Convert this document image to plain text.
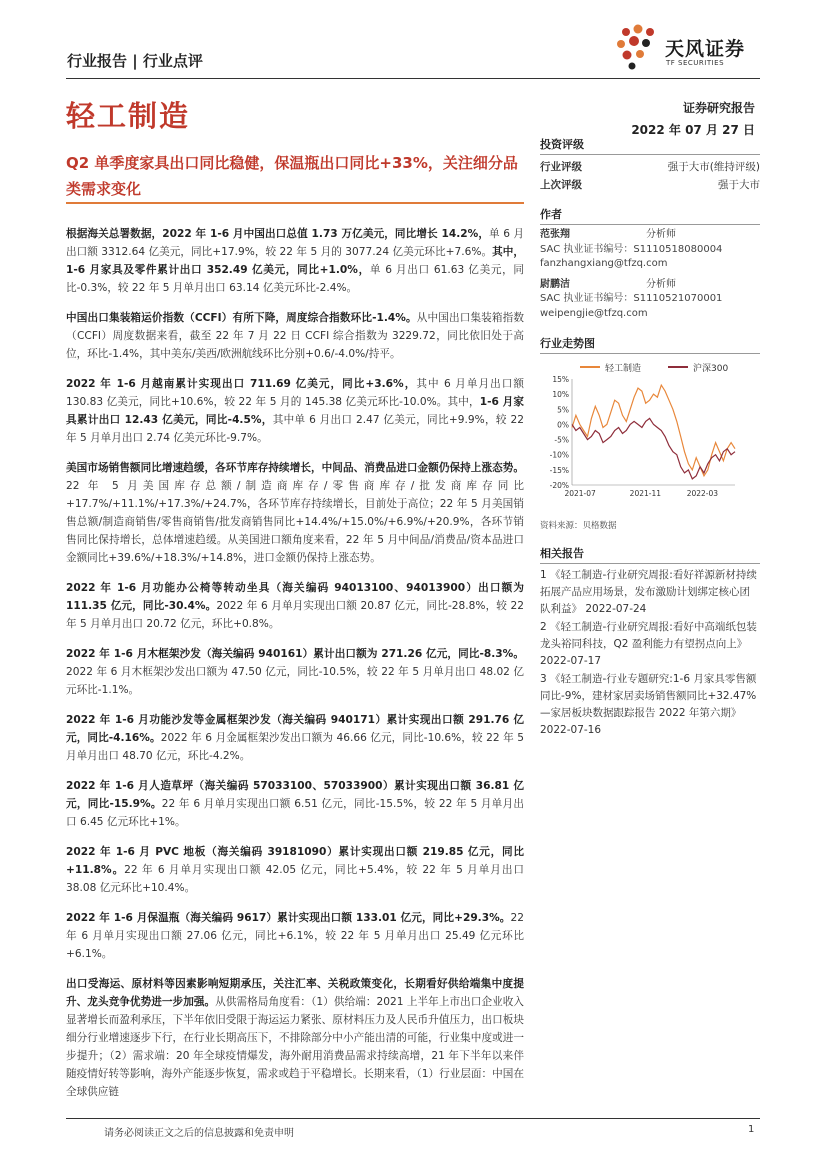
行业报告 | 行业点评
天风证券
TF SECURITIES
轻工制造	证券研究报告
2022 年 07 月 27 日
Q2 单季度家具出口同比稳健，保温瓶出口同比+33%，关注细分品类需求变化

根据海关总署数据，2022 年 1-6 月中国出口总值 1.73 万亿美元，同比增长 14.2%，单 6 月出口额 3312.64 亿美元，同比+17.9%，较 22 年 5 月的 3077.24 亿美元环比+7.6%。其中，1-6 月家具及零件累计出口 352.49 亿美元，同比+1.0%，单 6 月出口 61.63 亿美元，同比-0.3%，较 22 年 5 月单月出口 63.14 亿美元环比-2.4%。

中国出口集装箱运价指数（CCFI）有所下降，周度综合指数环比-1.4%。从中国出口集装箱指数（CCFI）周度数据来看，截至 22 年 7 月 22 日 CCFI 综合指数为 3229.72，同比依旧处于高位，环比-1.4%，其中美东/美西/欧洲航线环比分别+0.6/-4.0%/持平。

2022 年 1-6 月越南累计实现出口 711.69 亿美元，同比+3.6%，其中 6 月单月出口额 130.83 亿美元，同比+10.6%，较 22 年 5 月的 145.38 亿美元环比-10.0%。其中，1-6 月家具累计出口 12.43 亿美元，同比-4.5%，其中单 6 月出口 2.47 亿美元，同比+9.9%，较 22 年 5 月单月出口 2.74 亿美元环比-9.7%。

美国市场销售额同比增速趋缓，各环节库存持续增长，中间品、消费品进口金额仍保持上涨态势。22 年 5 月美国库存总额/制造商库存/零售商库存/批发商库存同比+17.7%/+11.1%/+17.3%/+24.7%，各环节库存持续增长，目前处于高位；22 年 5 月美国销售总额/制造商销售/零售商销售/批发商销售同比+14.4%/+15.0%/+6.9%/+20.9%，各环节销售同比保持增长，总体增速趋缓。从美国进口额角度来看，22 年 5 月中间品/消费品/资本品进口金额同比+39.6%/+18.3%/+14.8%，进口金额仍保持上涨态势。

2022 年 1-6 月功能办公椅等转动坐具（海关编码 94013100、94013900）出口额为 111.35 亿元，同比-30.4%。2022 年 6 月单月实现出口额 20.87 亿元，同比-28.8%，较 22 年 5 月单月出口 20.72 亿元，环比+0.8%。

2022 年 1-6 月木框架沙发（海关编码 940161）累计出口额为 271.26 亿元，同比-8.3%。2022 年 6 月木框架沙发出口额为 47.50 亿元，同比-10.5%，较 22 年 5 月单月出口 48.02 亿元环比-1.1%。

2022 年 1-6 月功能沙发等金属框架沙发（海关编码 940171）累计实现出口额 291.76 亿元，同比-4.16%。2022 年 6 月金属框架沙发出口额为 46.66 亿元，同比-10.6%，较 22 年 5 月单月出口 48.70 亿元，环比-4.2%。

2022 年 1-6 月人造草坪（海关编码 57033100、57033900）累计实现出口额 36.81 亿元，同比-15.9%。22 年 6 月单月实现出口额 6.51 亿元，同比-15.5%，较 22 年 5 月单月出口 6.45 亿元环比+1%。

2022 年 1-6 月 PVC 地板（海关编码 39181090）累计实现出口额 219.85 亿元，同比+11.8%。22 年 6 月单月实现出口额 42.05 亿元，同比+5.4%，较 22 年 5 月单月出口 38.08 亿元环比+10.4%。

2022 年 1-6 月保温瓶（海关编码 9617）累计实现出口额 133.01 亿元，同比+29.3%。22 年 6 月单月实现出口额 27.06 亿元，同比+6.1%，较 22 年 5 月单月出口 25.49 亿元环比+6.1%。

出口受海运、原材料等因素影响短期承压，关注汇率、关税政策变化，长期看好供给端集中度提升、龙头竞争优势进一步加强。从供需格局角度看：（1）供给端：2021 上半年上市出口企业收入显著增长而盈利承压，下半年依旧受限于海运运力紧张、原材料压力及人民币升值压力，出口板块细分行业增速逐步下行，在行业长期高压下，不排除部分中小产能出清的可能，行业集中度或进一步提升；（2）需求端：20 年全球疫情爆发，海外耐用消费品需求持续高增，21 年下半年以来伴随疫情好转等影响，海外产能逐步恢复，需求或趋于平稳增长。长期来看，（1）行业层面：中国在全球供应链

投资评级
行业评级	强于大市(维持评级)
上次评级	强于大市
作者
范张翔	分析师
SAC 执业证书编号：S1110518080004
fanzhangxiang@tfzq.com
尉鹏洁	分析师
SAC 执业证书编号：S1110521070001
weipengjie@tfzq.com
行业走势图
轻工制造	沪深300
15%
10%
5%
0%
-5%
-10%
-15%
-20%
2021-07	2021-11	2022-03
资料来源：贝格数据
相关报告
1 《轻工制造-行业研究周报:看好祥源新材持续拓展产品应用场景，发布激励计划绑定核心团队利益》 2022-07-24
2 《轻工制造-行业研究周报:看好中高端纸包装龙头裕同科技，Q2 盈利能力有望拐点向上》 2022-07-17
3 《轻工制造-行业专题研究:1-6 月家具零售额同比-9%，建材家居卖场销售额同比+32.47%—家居板块数据跟踪报告 2022 年第六期》 2022-07-16
请务必阅读正文之后的信息披露和免责申明	1
